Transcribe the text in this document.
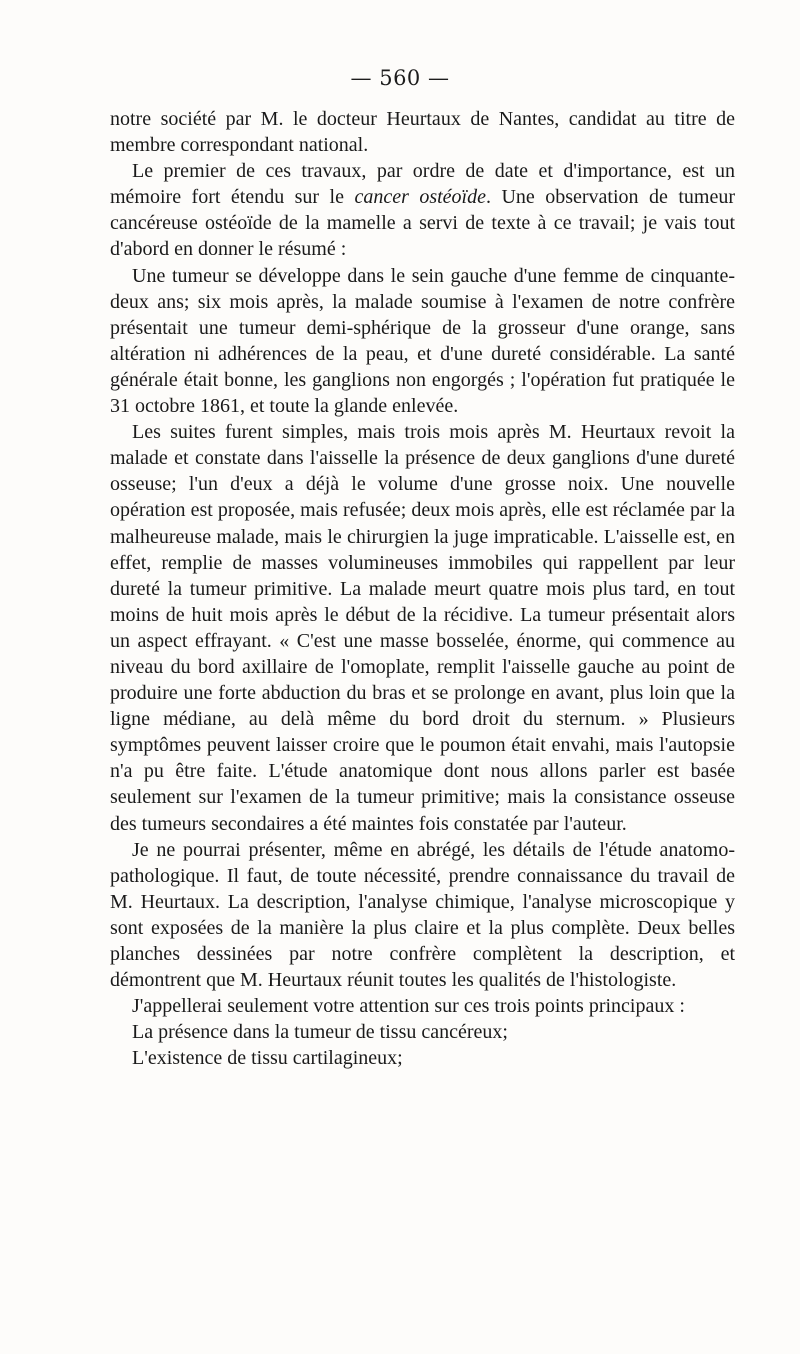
— 560 —

notre société par M. le docteur Heurtaux de Nantes, candidat au titre de membre correspondant national.

Le premier de ces travaux, par ordre de date et d'importance, est un mémoire fort étendu sur le cancer ostéoïde. Une observation de tumeur cancéreuse ostéoïde de la mamelle a servi de texte à ce travail; je vais tout d'abord en donner le résumé :

Une tumeur se développe dans le sein gauche d'une femme de cinquante-deux ans; six mois après, la malade soumise à l'examen de notre confrère présentait une tumeur demi-sphérique de la grosseur d'une orange, sans altération ni adhérences de la peau, et d'une dureté considérable. La santé générale était bonne, les ganglions non engorgés ; l'opération fut pratiquée le 31 octobre 1861, et toute la glande enlevée.

Les suites furent simples, mais trois mois après M. Heurtaux revoit la malade et constate dans l'aisselle la présence de deux ganglions d'une dureté osseuse; l'un d'eux a déjà le volume d'une grosse noix. Une nouvelle opération est proposée, mais refusée; deux mois après, elle est réclamée par la malheureuse malade, mais le chirurgien la juge impraticable. L'aisselle est, en effet, remplie de masses volumineuses immobiles qui rappellent par leur dureté la tumeur primitive. La malade meurt quatre mois plus tard, en tout moins de huit mois après le début de la récidive. La tumeur présentait alors un aspect effrayant. « C'est une masse bosselée, énorme, qui commence au niveau du bord axillaire de l'omoplate, remplit l'aisselle gauche au point de produire une forte abduction du bras et se prolonge en avant, plus loin que la ligne médiane, au delà même du bord droit du sternum. » Plusieurs symptômes peuvent laisser croire que le poumon était envahi, mais l'autopsie n'a pu être faite. L'étude anatomique dont nous allons parler est basée seulement sur l'examen de la tumeur primitive; mais la consistance osseuse des tumeurs secondaires a été maintes fois constatée par l'auteur.

Je ne pourrai présenter, même en abrégé, les détails de l'étude anatomo-pathologique. Il faut, de toute nécessité, prendre connaissance du travail de M. Heurtaux. La description, l'analyse chimique, l'analyse microscopique y sont exposées de la manière la plus claire et la plus complète. Deux belles planches dessinées par notre confrère complètent la description, et démontrent que M. Heurtaux réunit toutes les qualités de l'histologiste.

J'appellerai seulement votre attention sur ces trois points principaux :

La présence dans la tumeur de tissu cancéreux;

L'existence de tissu cartilagineux;
